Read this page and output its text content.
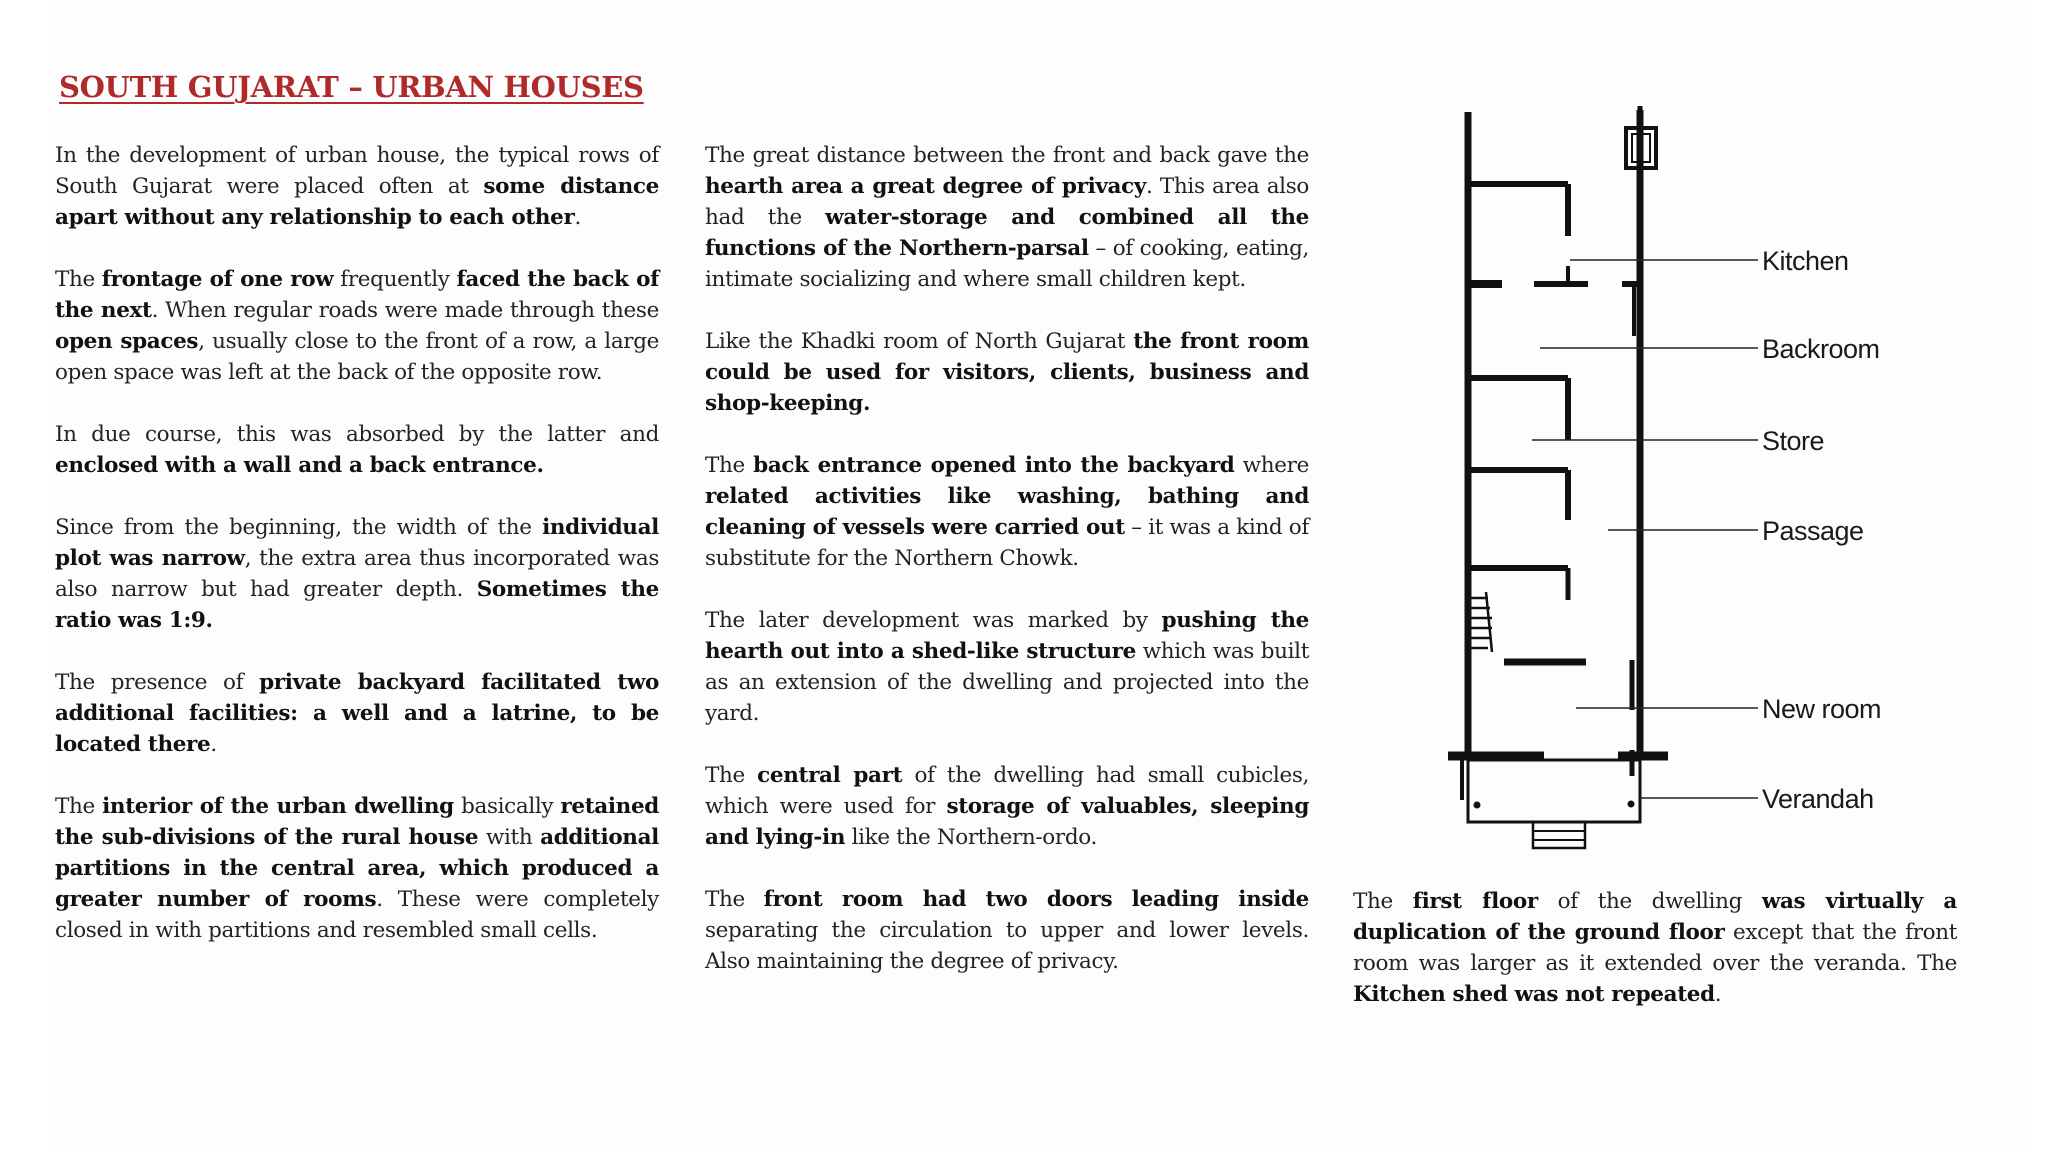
SOUTH GUJARAT – URBAN HOUSES

In the development of urban house, the typical rows of South Gujarat were placed often at some distance apart without any relationship to each other.

The frontage of one row frequently faced the back of the next. When regular roads were made through these open spaces, usually close to the front of a row, a large open space was left at the back of the opposite row.

In due course, this was absorbed by the latter and enclosed with a wall and a back entrance.

Since from the beginning, the width of the individual plot was narrow, the extra area thus incorporated was also narrow but had greater depth. Sometimes the ratio was 1:9.

The presence of private backyard facilitated two additional facilities: a well and a latrine, to be located there.

The interior of the urban dwelling basically retained the sub-divisions of the rural house with additional partitions in the central area, which produced a greater number of rooms. These were completely closed in with partitions and resembled small cells.

The great distance between the front and back gave the hearth area a great degree of privacy. This area also had the water-storage and combined all the functions of the Northern-parsal – of cooking, eating, intimate socializing and where small children kept.

Like the Khadki room of North Gujarat the front room could be used for visitors, clients, business and shop-keeping.

The back entrance opened into the backyard where related activities like washing, bathing and cleaning of vessels were carried out – it was a kind of substitute for the Northern Chowk.

The later development was marked by pushing the hearth out into a shed-like structure which was built as an extension of the dwelling and projected into the yard.

The central part of the dwelling had small cubicles, which were used for storage of valuables, sleeping and lying-in like the Northern-ordo.

The front room had two doors leading inside separating the circulation to upper and lower levels. Also maintaining the degree of privacy.

The first floor of the dwelling was virtually a duplication of the ground floor except that the front room was larger as it extended over the veranda. The Kitchen shed was not repeated.

Kitchen
Backroom
Store
Passage
New room
Verandah
